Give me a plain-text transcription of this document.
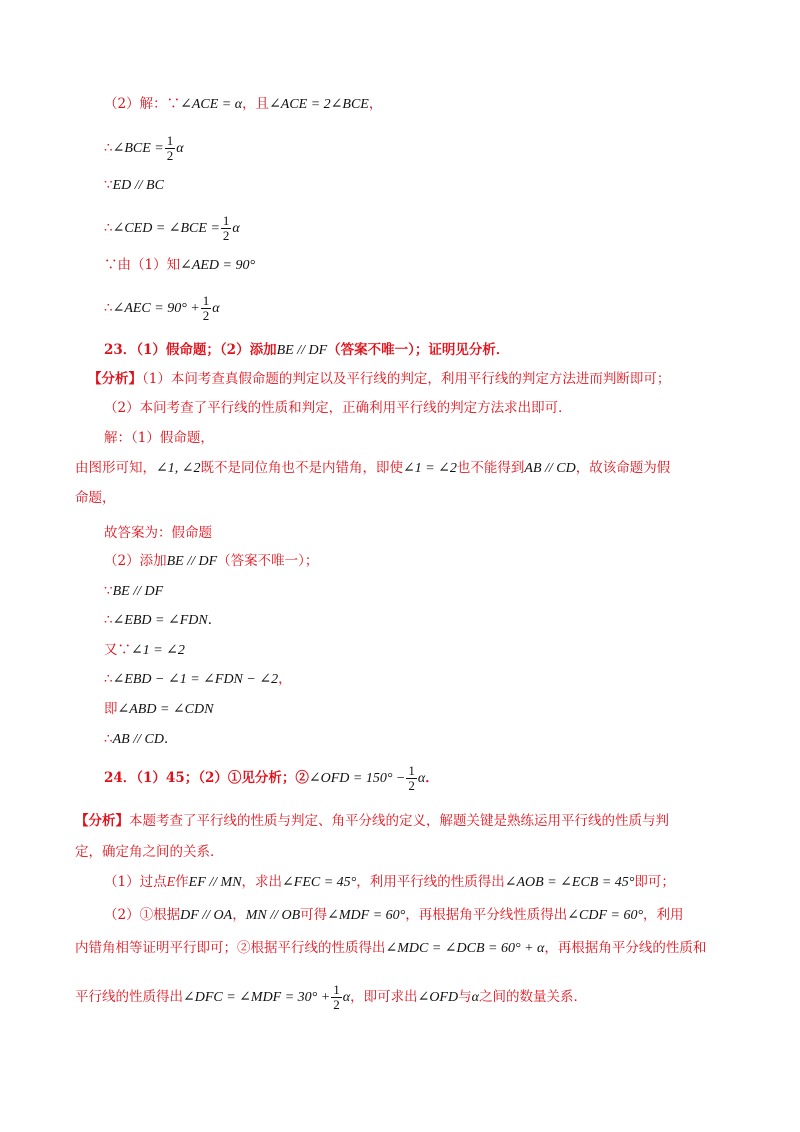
（2）解：∵∠ACE = α，且∠ACE = 2∠BCE，
∴∠BCE = $\frac{1}{2}$ α
∵ED // BC
∴∠CED = ∠BCE = $\frac{1}{2}$ α
∵由（1）知∠AED = 90°
∴∠AEC = $90^\circ + \frac{1}{2}$ α
23．（1）假命题；（2）添加BE // DF（答案不唯一）；证明见分析．
【分析】（1）本问考查真假命题的判定以及平行线的判定，利用平行线的判定方法进而判断即可；
（2）本问考查了平行线的性质和判定，正确利用平行线的判定方法求出即可．
解：（1）假命题，
由图形可知，∠1, ∠2既不是同位角也不是内错角，即使∠1 = ∠2也不能得到AB // CD，故该命题为假
命题，
故答案为：假命题
（2）添加BE // DF（答案不唯一）；
∵BE // DF
∴∠EBD = ∠FDN．
又∵∠1 = ∠2
∴∠EBD − ∠1 = ∠FDN − ∠2，
即∠ABD = ∠CDN
∴AB // CD．
24．（1）45；（2）①见分析；②∠OFD = $150^\circ - \frac{1}{2}$ α．
【分析】本题考查了平行线的性质与判定、角平分线的定义，解题关键是熟练运用平行线的性质与判
定，确定角之间的关系．
（1）过点E作EF // MN，求出∠FEC = 45°，利用平行线的性质得出∠AOB = ∠ECB = 45°即可；
（2）①根据DF // OA，MN // OB可得∠MDF = 60°，再根据角平分线性质得出∠CDF = 60°，利用
内错角相等证明平行即可；②根据平行线的性质得出∠MDC = ∠DCB = 60° + α，再根据角平分线的性质和
平行线的性质得出∠DFC = ∠MDF = $30^\circ + \frac{1}{2}$ α，即可求出∠OFD与α之间的数量关系．
